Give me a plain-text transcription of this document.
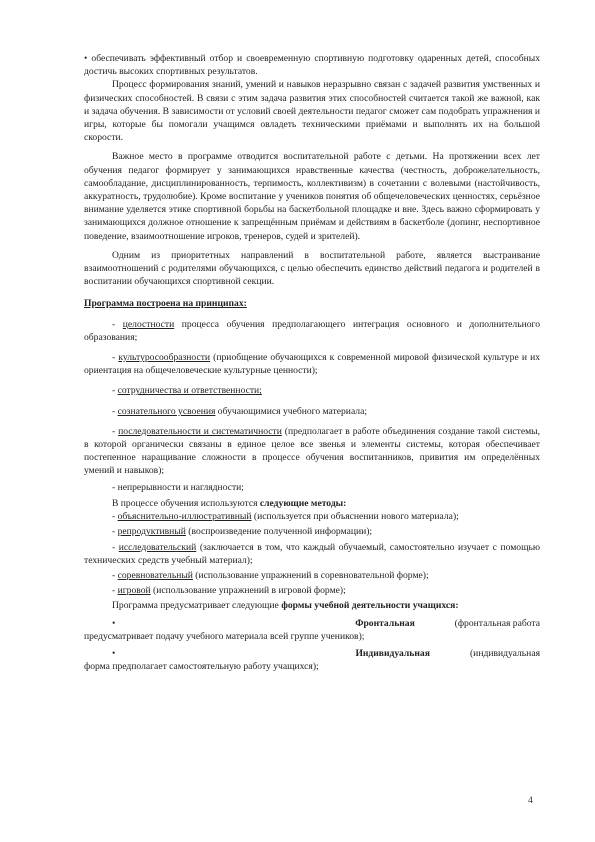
• обеспечивать эффективный отбор и своевременную спортивную подготовку одаренных детей, способных достичь высоких спортивных результатов.

Процесс формирования знаний, умений и навыков неразрывно связан с задачей развития умственных и физических способностей. В связи с этим задача развития этих способностей считается такой же важной, как и задача обучения. В зависимости от условий своей деятельности педагог сможет сам подобрать упражнения и игры, которые бы помогали учащимся овладеть техническими приёмами и выполнять их на большой скорости.

Важное место в программе отводится воспитательной работе с детьми. На протяжении всех лет обучения педагог формирует у занимающихся нравственные качества (честность, доброжелательность, самообладание, дисциплинированность, терпимость, коллективизм) в сочетании с волевыми (настойчивость, аккуратность, трудолюбие). Кроме воспитание у учеников понятия об общечеловеческих ценностях, серьёзное внимание уделяется этике спортивной борьбы на баскетбольной площадке и вне. Здесь важно сформировать у занимающихся должное отношение к запрещённым приёмам и действиям в баскетболе (допинг, неспортивное поведение, взаимоотношение игроков, тренеров, судей и зрителей).

Одним из приоритетных направлений в воспитательной работе, является выстраивание взаимоотношений с родителями обучающихся, с целью обеспечить единство действий педагога и родителей в воспитании обучающихся спортивной секции.

Программа построена на принципах:

- целостности процесса обучения предполагающего интеграция основного и дополнительного образования;

- культуросообразности (приобщение обучающихся к современной мировой физической культуре и их ориентация на общечеловеческие культурные ценности);

- сотрудничества и ответственности;

- сознательного усвоения обучающимися учебного материала;

- последовательности и систематичности (предполагает в работе объединения создание такой системы, в которой органически связаны в единое целое все звенья и элементы системы, которая обеспечивает постепенное наращивание сложности в процессе обучения воспитанников, привития им определённых умений и навыков);

- непрерывности и наглядности;

В процессе обучения используются следующие методы:

- объяснительно-иллюстративный (используется при объяснении нового материала);

- репродуктивный (воспроизведение полученной информации);

- исследовательский (заключается в том, что каждый обучаемый, самостоятельно изучает с помощью технических средств учебный материал);

- соревновательный (использование упражнений в соревновательной форме);

- игровой (использование упражнений в игровой форме);

Программа предусматривает следующие формы учебной деятельности учащихся:

•	Фронтальная	(фронтальная работа

предусматривает подачу учебного материала всей группе учеников);

•	Индивидуальная	(индивидуальная

форма предполагает самостоятельную работу учащихся);

4
